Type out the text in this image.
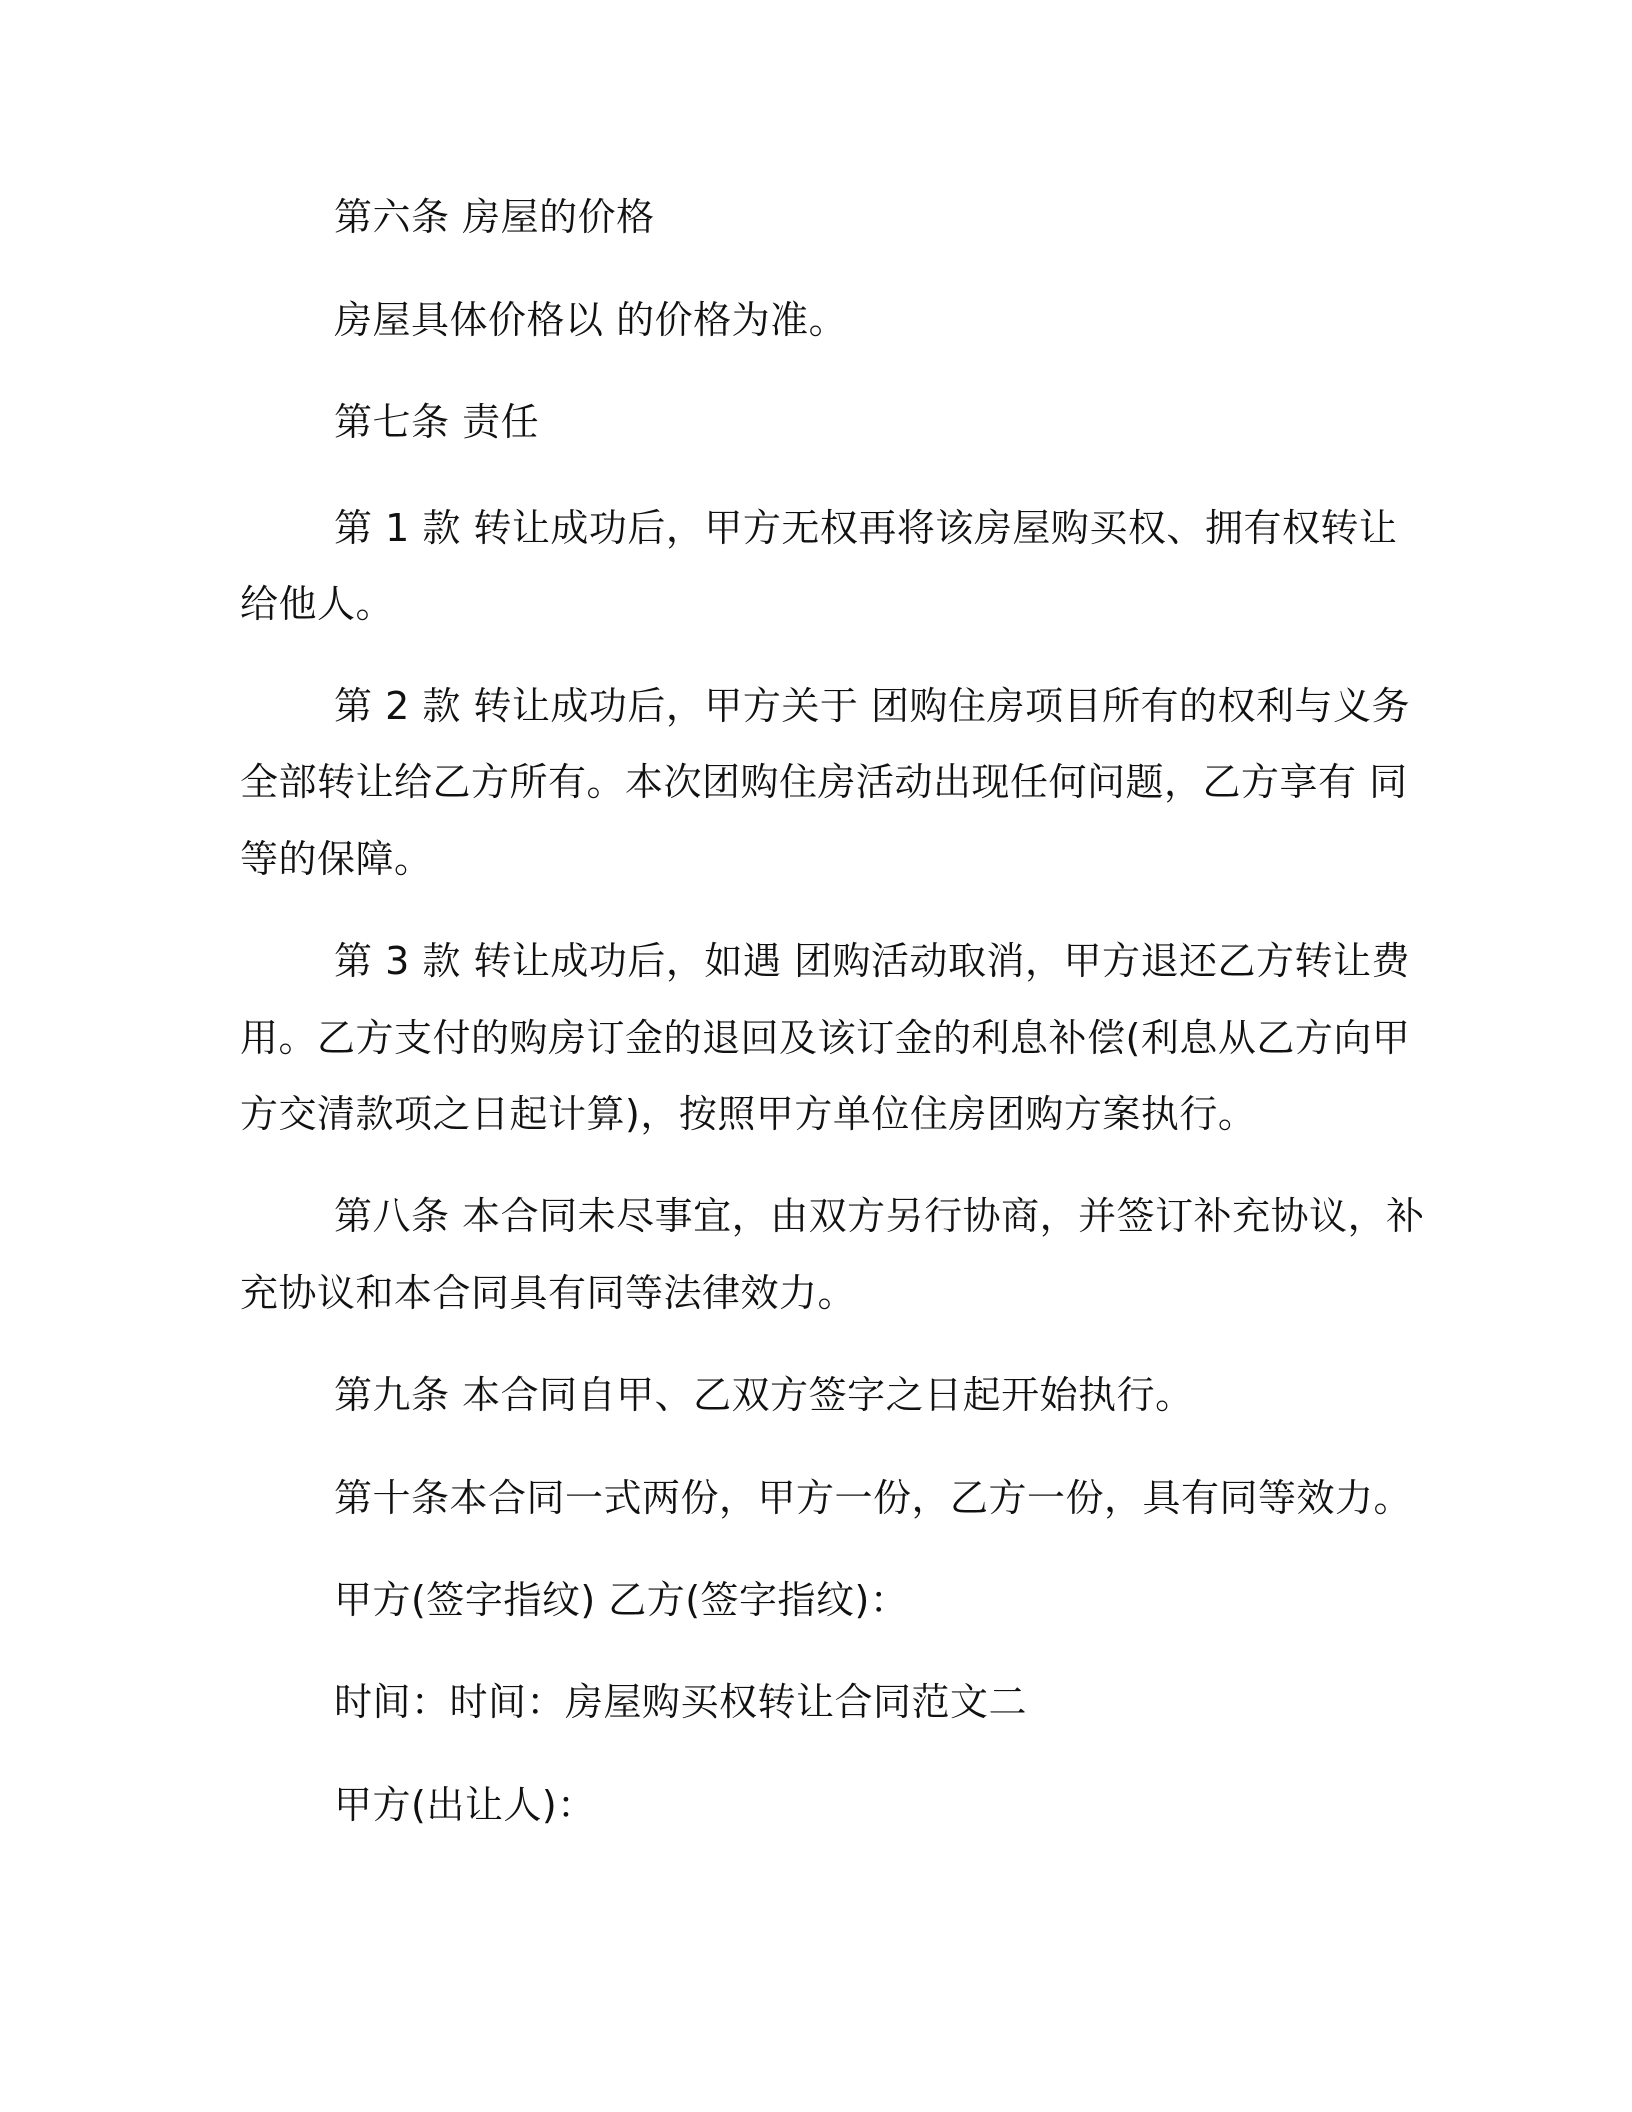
第六条 房屋的价格

房屋具体价格以 的价格为准。

第七条 责任

第 1 款 转让成功后，甲方无权再将该房屋购买权、拥有权转让

给他人。

第 2 款 转让成功后，甲方关于 团购住房项目所有的权利与义务

全部转让给乙方所有。本次团购住房活动出现任何问题，乙方享有 同

等的保障。

第 3 款 转让成功后，如遇 团购活动取消，甲方退还乙方转让费

用。乙方支付的购房订金的退回及该订金的利息补偿(利息从乙方向甲

方交清款项之日起计算)，按照甲方单位住房团购方案执行。

第八条 本合同未尽事宜，由双方另行协商，并签订补充协议，补

充协议和本合同具有同等法律效力。

第九条 本合同自甲、乙双方签字之日起开始执行。

第十条本合同一式两份，甲方一份，乙方一份，具有同等效力。

甲方(签字指纹) 乙方(签字指纹)：

时间：时间：房屋购买权转让合同范文二

甲方(出让人)：
